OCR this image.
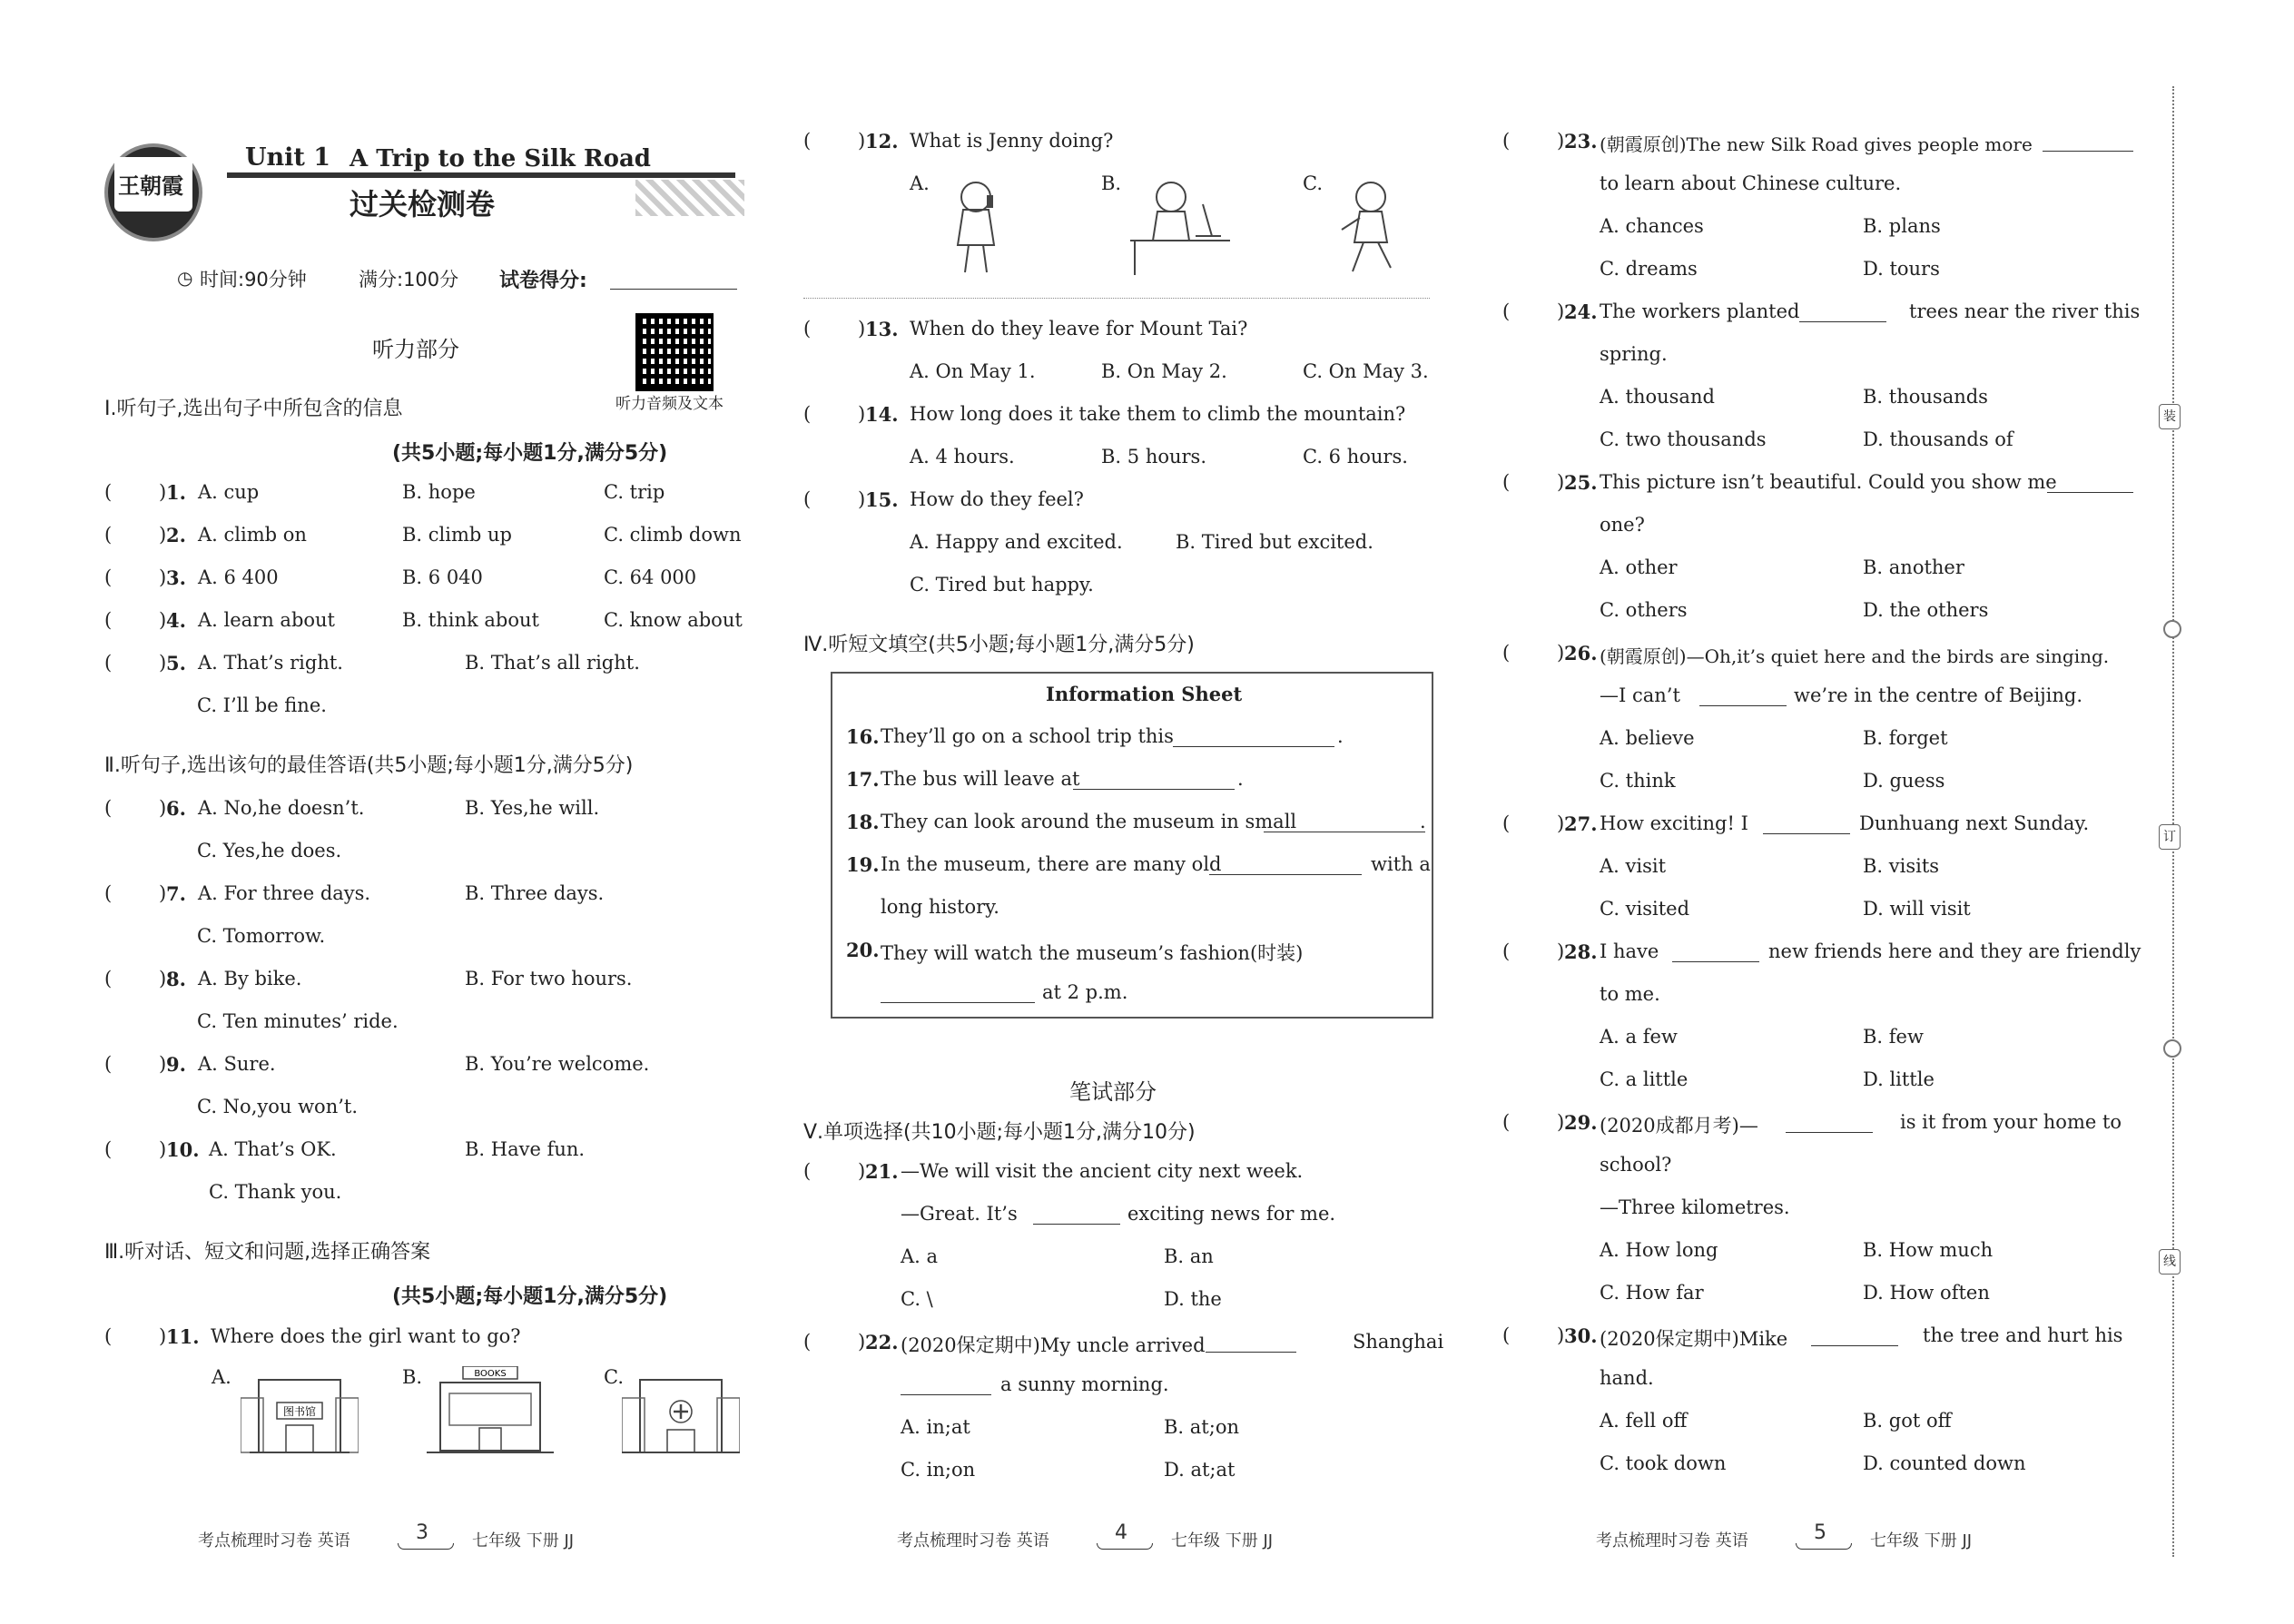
王朝霞
Unit 1 A Trip to the Silk Road
过关检测卷
◷ 时间:90分钟	满分:100分 试卷得分:
听力部分
听力音频及文本
Ⅰ.听句子,选出句子中所包含的信息
(共5小题;每小题1分,满分5分)
( ) 1. A. cup	B. hope	C. trip
( ) 2. A. climb on	B. climb up	C. climb down
( ) 3. A. 6 400	B. 6 040	C. 64 000
( ) 4. A. learn about	B. think about	C. know about
( ) 5. A. That’s right.	B. That’s all right.
C. I’ll be fine.
Ⅱ.听句子,选出该句的最佳答语(共5小题;每小题1分,满分5分)
( ) 6. A. No,he doesn’t.	B. Yes,he will.
C. Yes,he does.
( ) 7. A. For three days.	B. Three days.
C. Tomorrow.
( ) 8. A. By bike.	B. For two hours.
C. Ten minutes’ ride.
( ) 9. A. Sure.	B. You’re welcome.
C. No,you won’t.
( ) 10. A. That’s OK.	B. Have fun.
C. Thank you.
Ⅲ.听对话、短文和问题,选择正确答案
(共5小题;每小题1分,满分5分)
( ) 11. Where does the girl want to go?
A.	B.	C.
图书馆
BOOKS
考点梳理时习卷 英语	3	七年级 下册 JJ
( ) 12. What is Jenny doing?
A.	B.	C.
( ) 13. When do they leave for Mount Tai?
A. On May 1.	B. On May 2.	C. On May 3.
( ) 14. How long does it take them to climb the mountain?
A. 4 hours.	B. 5 hours.	C. 6 hours.
( ) 15. How do they feel?
A. Happy and excited.	B. Tired but excited.
C. Tired but happy.
Ⅳ.听短文填空(共5小题;每小题1分,满分5分)
Information Sheet
16. They’ll go on a school trip this	.
17. The bus will leave at	.
18. They can look around the museum in small	.
19. In the museum, there are many old	with a
long history.
20. They will watch the museum’s fashion(时装)
at 2 p.m.
笔试部分
Ⅴ.单项选择(共10小题;每小题1分,满分10分)
( ) 21. —We will visit the ancient city next week.
—Great. It’s	exciting news for me.
A. a	B. an
C. \	D. the
( ) 22. (2020保定期中)My uncle arrived	Shanghai
a sunny morning.
A. in;at	B. at;on
C. in;on	D. at;at
考点梳理时习卷 英语	4	七年级 下册 JJ
( ) 23. (朝霞原创)The new Silk Road gives people more
to learn about Chinese culture.
A. chances	B. plans
C. dreams	D. tours
( ) 24. The workers planted	trees near the river this
spring.
A. thousand	B. thousands
C. two thousands	D. thousands of
( ) 25. This picture isn’t beautiful. Could you show me
one?
A. other	B. another
C. others	D. the others
( ) 26. (朝霞原创)—Oh,it’s quiet here and the birds are singing.
—I can’t	we’re in the centre of Beijing.
A. believe	B. forget
C. think	D. guess
( ) 27. How exciting! I	Dunhuang next Sunday.
A. visit	B. visits
C. visited	D. will visit
( ) 28. I have	new friends here and they are friendly
to me.
A. a few	B. few
C. a little	D. little
( ) 29. (2020成都月考)—	is it from your home to
school?
—Three kilometres.
A. How long	B. How much
C. How far	D. How often
( ) 30. (2020保定期中)Mike	the tree and hurt his
hand.
A. fell off	B. got off
C. took down	D. counted down
考点梳理时习卷 英语	5	七年级 下册 JJ
装
订
线
